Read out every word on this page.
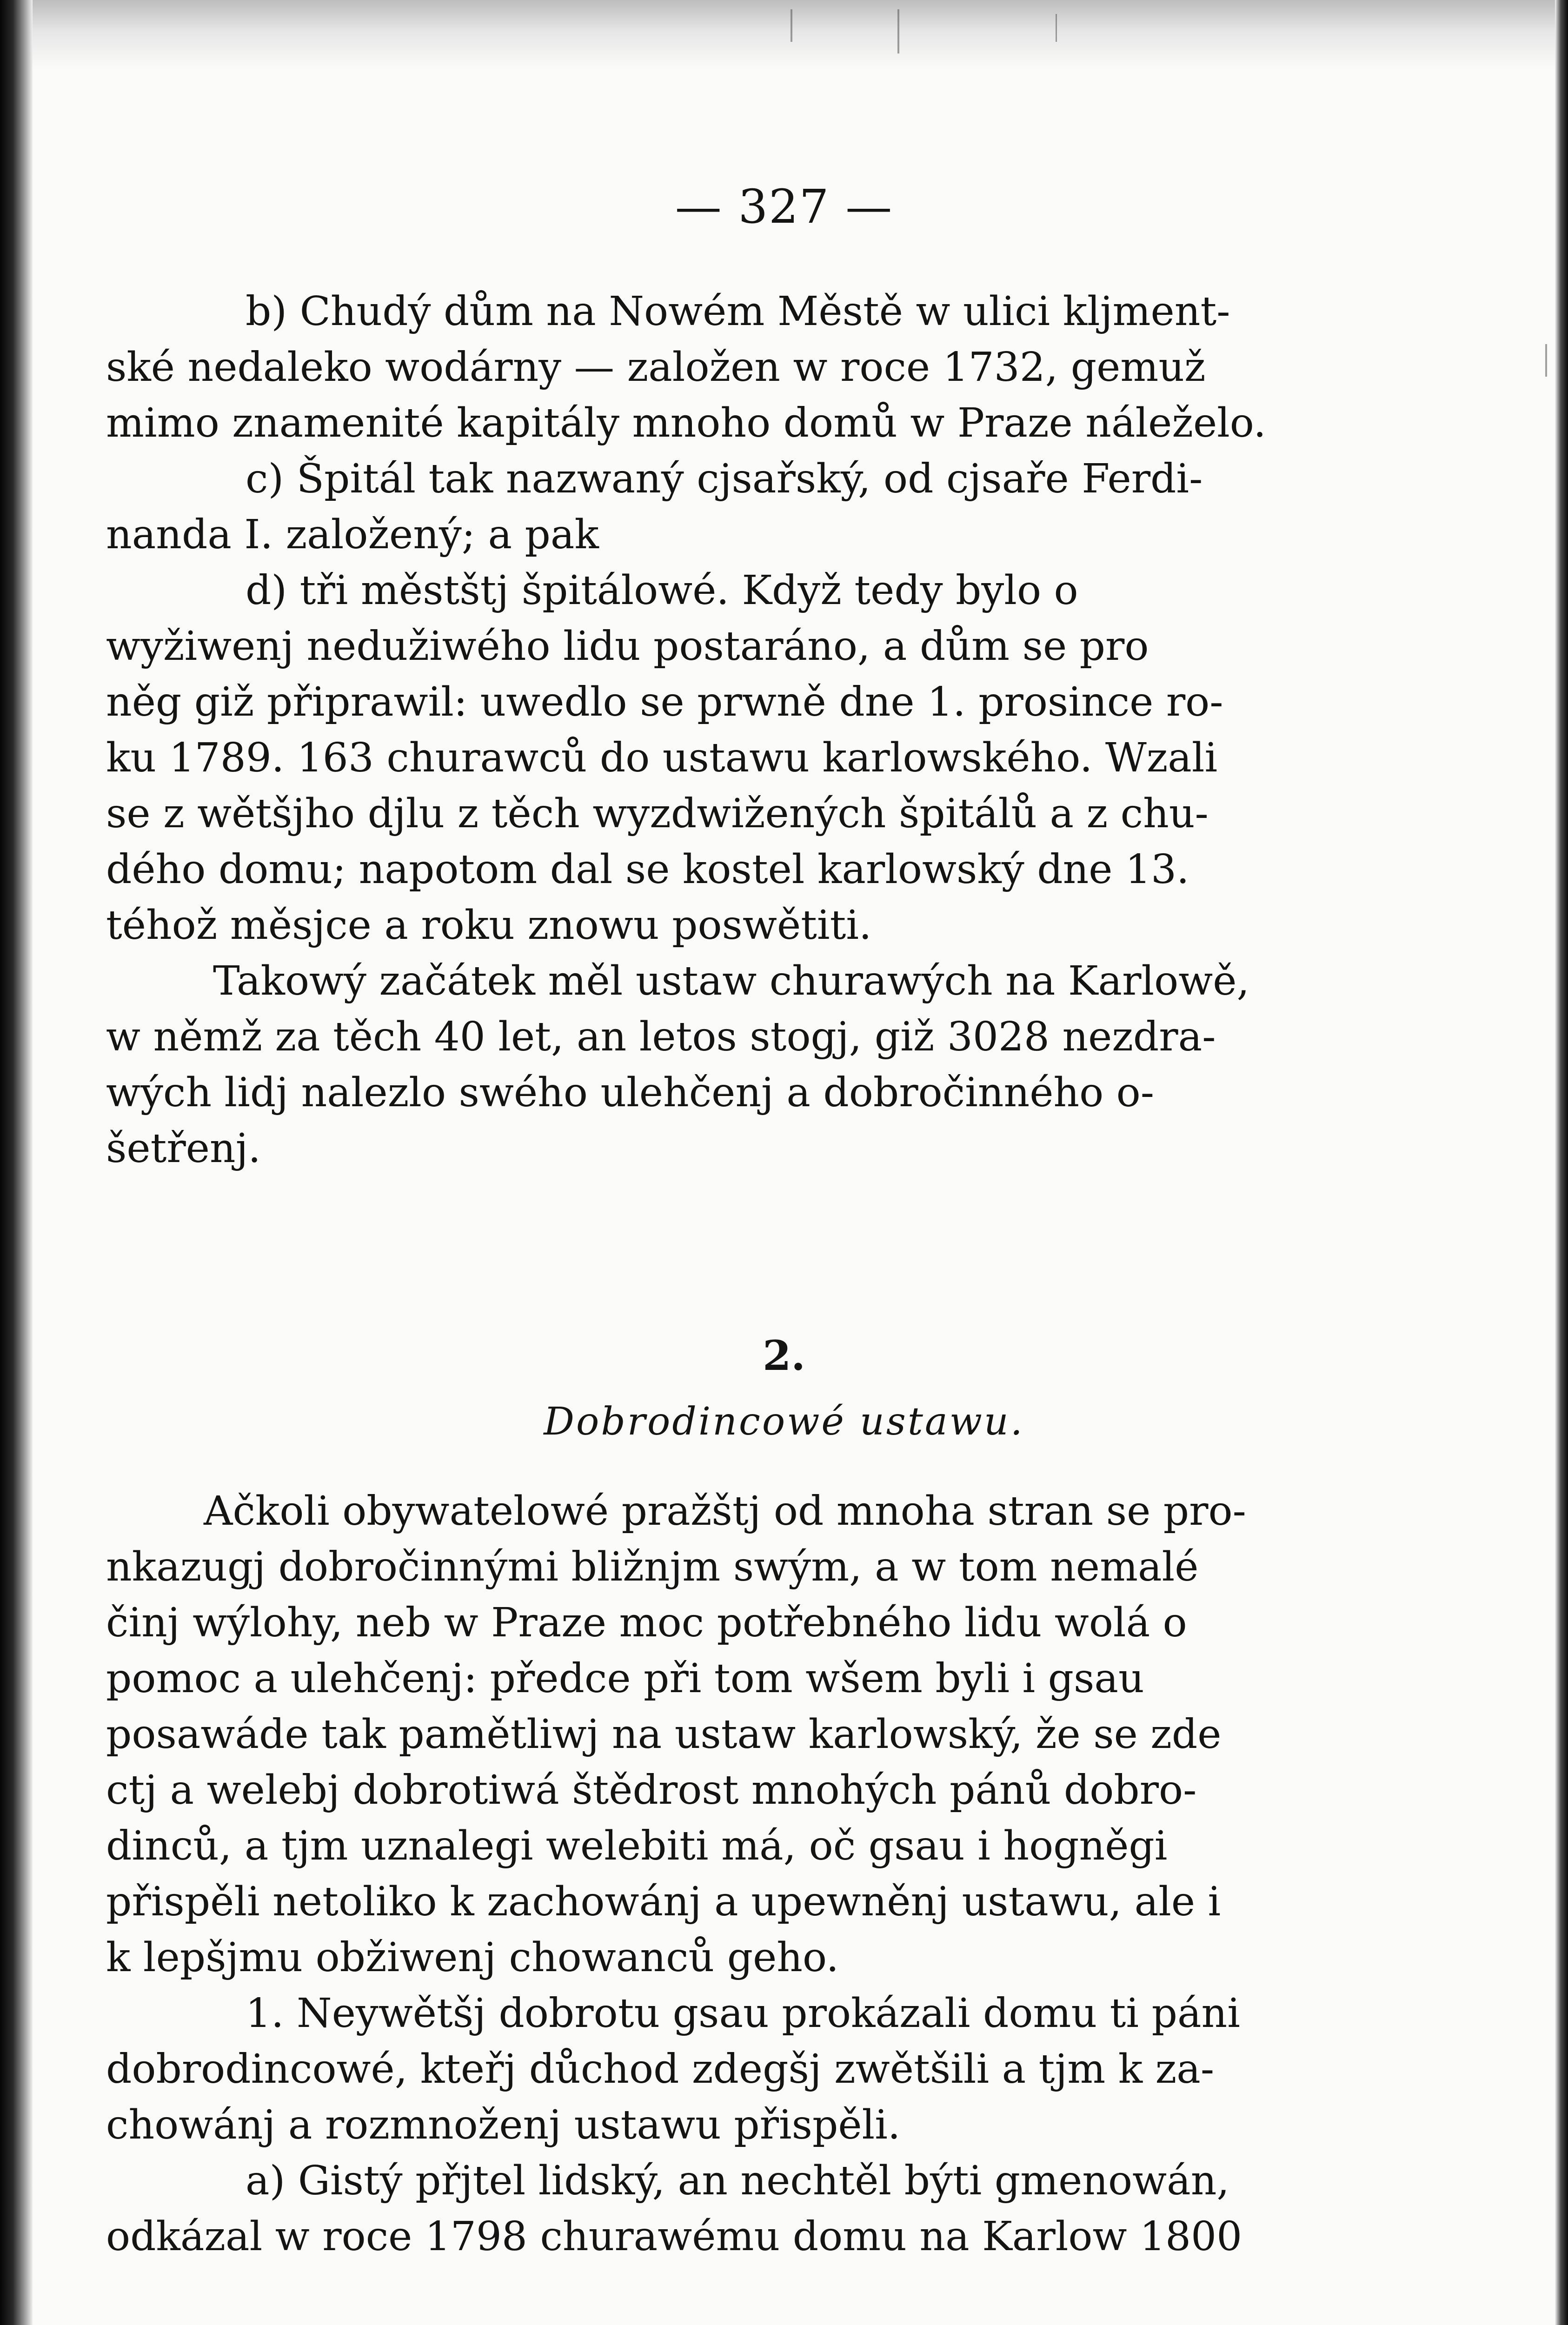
— 327 —
b) Chudý dům na Nowém Městě w ulici kljment-
ské nedaleko wodárny — založen w roce 1732, gemuž
mimo znamenité kapitály mnoho domů w Praze náleželo.
c) Špitál tak nazwaný cjsařský, od cjsaře Ferdi-
nanda I. založený; a pak
d) tři městštj špitálowé. Když tedy bylo o
wyžiwenj nedužiwého lidu postaráno, a dům se pro
něg giž připrawil: uwedlo se prwně dne 1. prosince ro-
ku 1789. 163 churawců do ustawu karlowského. Wzali
se z wětšjho djlu z těch wyzdwižených špitálů a z chu-
dého domu; napotom dal se kostel karlowský dne 13.
téhož měsjce a roku znowu poswětiti.
Takowý začátek měl ustaw churawých na Karlowě,
w němž za těch 40 let, an letos stogj, giž 3028 nezdra-
wých lidj nalezlo swého ulehčenj a dobročinného o-
šetřenj.
2.
Dobrodincowé ustawu.
Ačkoli obywatelowé pražštj od mnoha stran se pro-
nkazugj dobročinnými bližnjm swým, a w tom nemalé
činj wýlohy, neb w Praze moc potřebného lidu wolá o
pomoc a ulehčenj: předce při tom wšem byli i gsau
posawáde tak pamětliwj na ustaw karlowský, že se zde
ctj a welebj dobrotiwá štědrost mnohých pánů dobro-
dinců, a tjm uznalegi welebiti má, oč gsau i hogněgi
přispěli netoliko k zachowánj a upewněnj ustawu, ale i
k lepšjmu obžiwenj chowanců geho.
1. Neywětšj dobrotu gsau prokázali domu ti páni
dobrodincowé, kteřj důchod zdegšj zwětšili a tjm k za-
chowánj a rozmnoženj ustawu přispěli.
a) Gistý přjtel lidský, an nechtěl býti gmenowán,
odkázal w roce 1798 churawému domu na Karlow 1800
